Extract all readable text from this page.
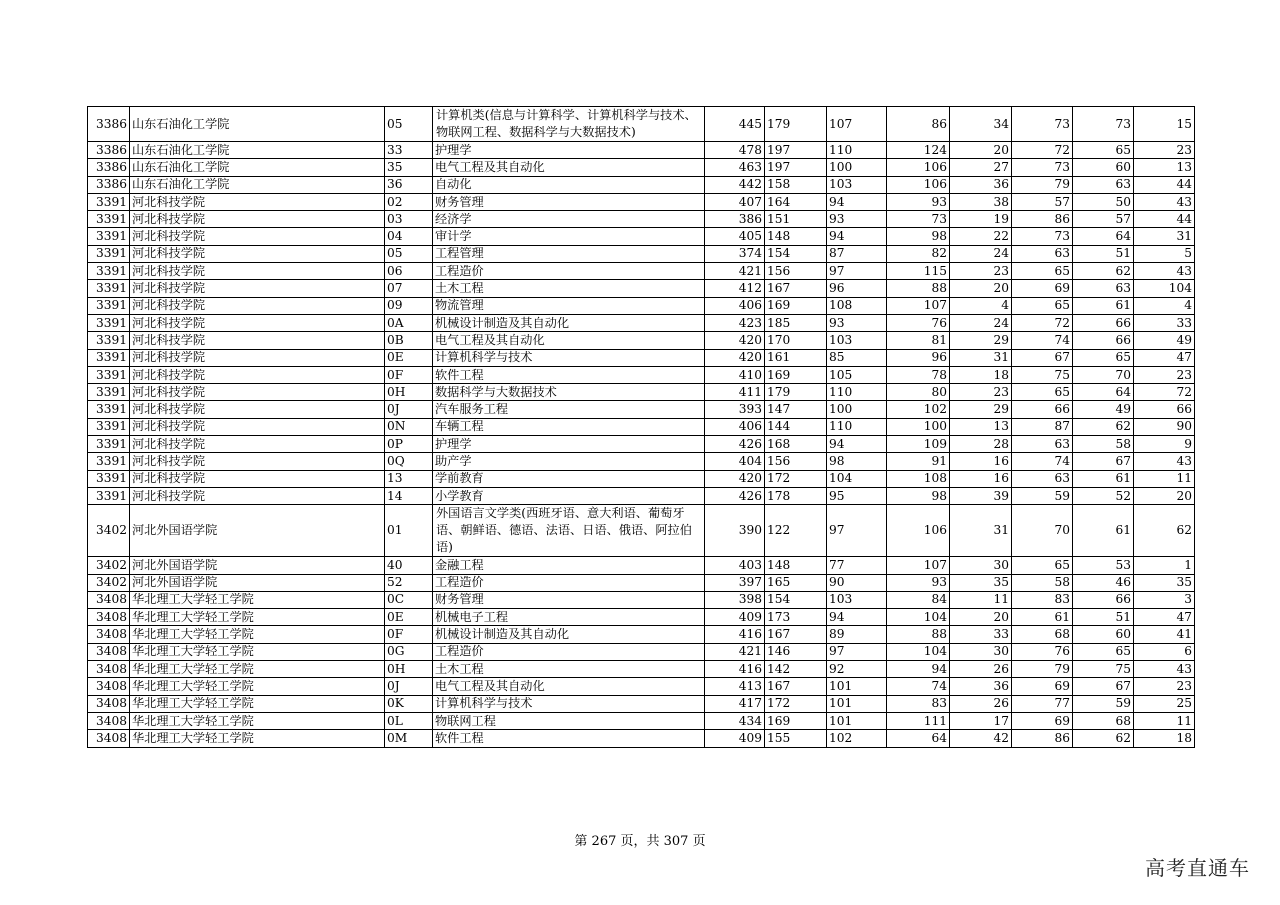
3386	山东石油化工学院	05	计算机类(信息与计算科学、计算机科学与技术、物联网工程、数据科学与大数据技术)	445	179	107	86	34	73	73	15
3386	山东石油化工学院	33	护理学	478	197	110	124	20	72	65	23
3386	山东石油化工学院	35	电气工程及其自动化	463	197	100	106	27	73	60	13
3386	山东石油化工学院	36	自动化	442	158	103	106	36	79	63	44
3391	河北科技学院	02	财务管理	407	164	94	93	38	57	50	43
3391	河北科技学院	03	经济学	386	151	93	73	19	86	57	44
3391	河北科技学院	04	审计学	405	148	94	98	22	73	64	31
3391	河北科技学院	05	工程管理	374	154	87	82	24	63	51	5
3391	河北科技学院	06	工程造价	421	156	97	115	23	65	62	43
3391	河北科技学院	07	土木工程	412	167	96	88	20	69	63	104
3391	河北科技学院	09	物流管理	406	169	108	107	4	65	61	4
3391	河北科技学院	0A	机械设计制造及其自动化	423	185	93	76	24	72	66	33
3391	河北科技学院	0B	电气工程及其自动化	420	170	103	81	29	74	66	49
3391	河北科技学院	0E	计算机科学与技术	420	161	85	96	31	67	65	47
3391	河北科技学院	0F	软件工程	410	169	105	78	18	75	70	23
3391	河北科技学院	0H	数据科学与大数据技术	411	179	110	80	23	65	64	72
3391	河北科技学院	0J	汽车服务工程	393	147	100	102	29	66	49	66
3391	河北科技学院	0N	车辆工程	406	144	110	100	13	87	62	90
3391	河北科技学院	0P	护理学	426	168	94	109	28	63	58	9
3391	河北科技学院	0Q	助产学	404	156	98	91	16	74	67	43
3391	河北科技学院	13	学前教育	420	172	104	108	16	63	61	11
3391	河北科技学院	14	小学教育	426	178	95	98	39	59	52	20
3402	河北外国语学院	01	外国语言文学类(西班牙语、意大利语、葡萄牙语、朝鲜语、德语、法语、日语、俄语、阿拉伯语)	390	122	97	106	31	70	61	62
3402	河北外国语学院	40	金融工程	403	148	77	107	30	65	53	1
3402	河北外国语学院	52	工程造价	397	165	90	93	35	58	46	35
3408	华北理工大学轻工学院	0C	财务管理	398	154	103	84	11	83	66	3
3408	华北理工大学轻工学院	0E	机械电子工程	409	173	94	104	20	61	51	47
3408	华北理工大学轻工学院	0F	机械设计制造及其自动化	416	167	89	88	33	68	60	41
3408	华北理工大学轻工学院	0G	工程造价	421	146	97	104	30	76	65	6
3408	华北理工大学轻工学院	0H	土木工程	416	142	92	94	26	79	75	43
3408	华北理工大学轻工学院	0J	电气工程及其自动化	413	167	101	74	36	69	67	23
3408	华北理工大学轻工学院	0K	计算机科学与技术	417	172	101	83	26	77	59	25
3408	华北理工大学轻工学院	0L	物联网工程	434	169	101	111	17	69	68	11
3408	华北理工大学轻工学院	0M	软件工程	409	155	102	64	42	86	62	18
第 267 页，共 307 页
高考直通车
